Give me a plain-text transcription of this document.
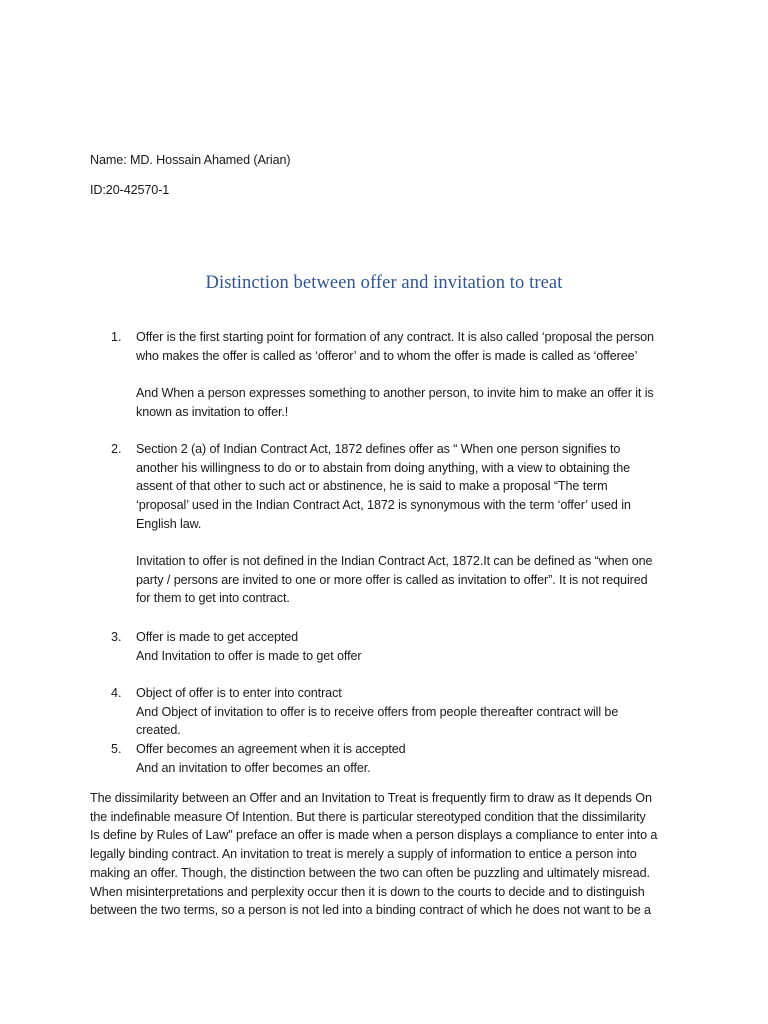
Name: MD. Hossain Ahamed (Arian)
ID:20-42570-1
Distinction between offer and invitation to treat
1. Offer is the first starting point for formation of any contract. It is also called ‘proposal the person
who makes the offer is called as ‘offeror’ and to whom the offer is made is called as ‘offeree’
And When a person expresses something to another person, to invite him to make an offer it is
known as invitation to offer.!
2. Section 2 (a) of Indian Contract Act, 1872 defines offer as “ When one person signifies to
another his willingness to do or to abstain from doing anything, with a view to obtaining the
assent of that other to such act or abstinence, he is said to make a proposal “The term
‘proposal’ used in the Indian Contract Act, 1872 is synonymous with the term ‘offer’ used in
English law.
Invitation to offer is not defined in the Indian Contract Act, 1872.It can be defined as “when one
party / persons are invited to one or more offer is called as invitation to offer”. It is not required
for them to get into contract.
3. Offer is made to get accepted
And Invitation to offer is made to get offer
4. Object of offer is to enter into contract
And Object of invitation to offer is to receive offers from people thereafter contract will be
created.
5. Offer becomes an agreement when it is accepted
And an invitation to offer becomes an offer.
The dissimilarity between an Offer and an Invitation to Treat is frequently firm to draw as It depends On
the indefinable measure Of Intention. But there is particular stereotyped condition that the dissimilarity
Is define by Rules of Law" preface an offer is made when a person displays a compliance to enter into a
legally binding contract. An invitation to treat is merely a supply of information to entice a person into
making an offer. Though, the distinction between the two can often be puzzling and ultimately misread.
When misinterpretations and perplexity occur then it is down to the courts to decide and to distinguish
between the two terms, so a person is not led into a binding contract of which he does not want to be a
